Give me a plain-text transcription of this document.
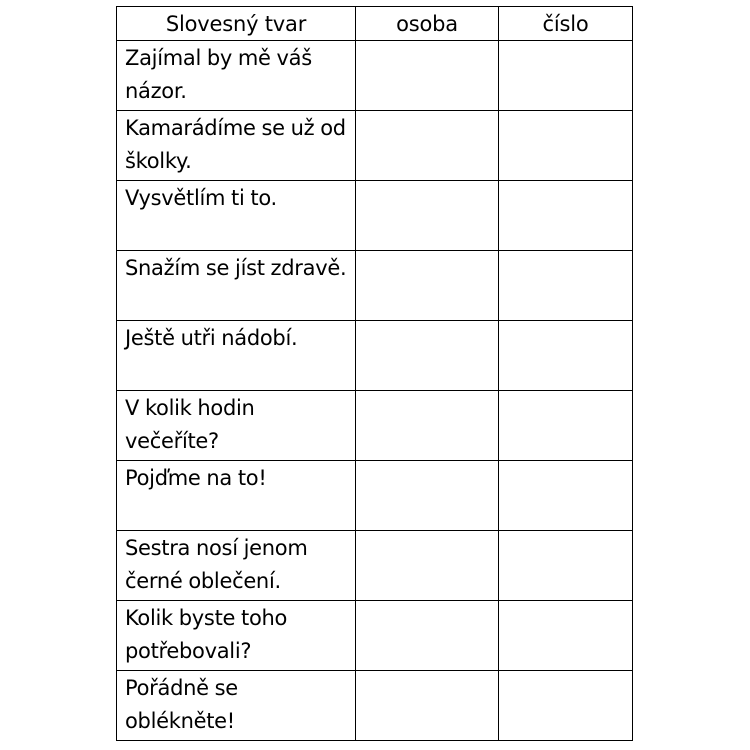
Slovesný tvar	osoba	číslo
Zajímal by mě váš názor.		
Kamarádíme se už od školky.		
Vysvětlím ti to.		
Snažím se jíst zdravě.		
Ještě utři nádobí.		
V kolik hodin večeříte?		
Pojďme na to!		
Sestra nosí jenom černé oblečení.		
Kolik byste toho potřebovali?		
Pořádně se oblékněte!		
